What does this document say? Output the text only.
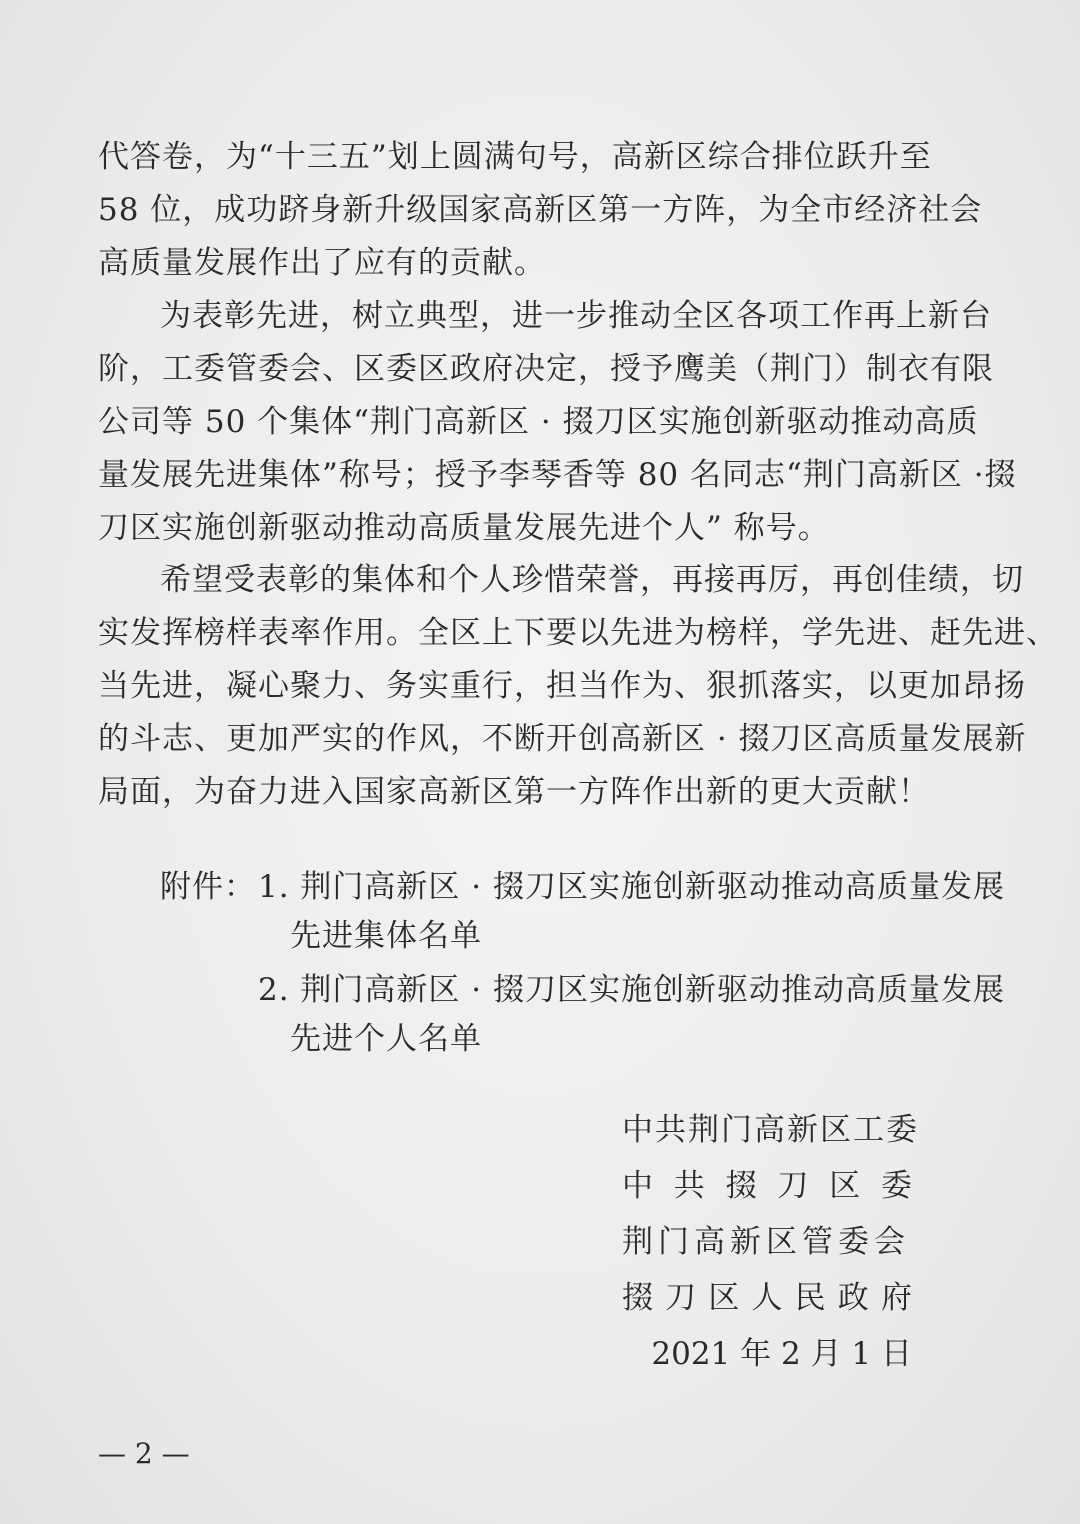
代答卷，为“十三五”划上圆满句号，高新区综合排位跃升至
58 位，成功跻身新升级国家高新区第一方阵，为全市经济社会
高质量发展作出了应有的贡献。
为表彰先进，树立典型，进一步推动全区各项工作再上新台
阶，工委管委会、区委区政府决定，授予鹰美（荆门）制衣有限
公司等 50 个集体“荆门高新区 · 掇刀区实施创新驱动推动高质
量发展先进集体”称号；授予李琴香等 80 名同志“荆门高新区 ·掇
刀区实施创新驱动推动高质量发展先进个人” 称号。
希望受表彰的集体和个人珍惜荣誉，再接再厉，再创佳绩，切
实发挥榜样表率作用。全区上下要以先进为榜样，学先进、赶先进、
当先进，凝心聚力、务实重行，担当作为、狠抓落实，以更加昂扬
的斗志、更加严实的作风，不断开创高新区 · 掇刀区高质量发展新
局面，为奋力进入国家高新区第一方阵作出新的更大贡献！
附件： 1. 荆门高新区 · 掇刀区实施创新驱动推动高质量发展
先进集体名单
2. 荆门高新区 · 掇刀区实施创新驱动推动高质量发展
先进个人名单
中共荆门高新区工委
中 共 掇 刀 区 委
荆门高新区管委会
掇 刀 区 人 民 政 府
2021 年 2 月 1 日
— 2 —
